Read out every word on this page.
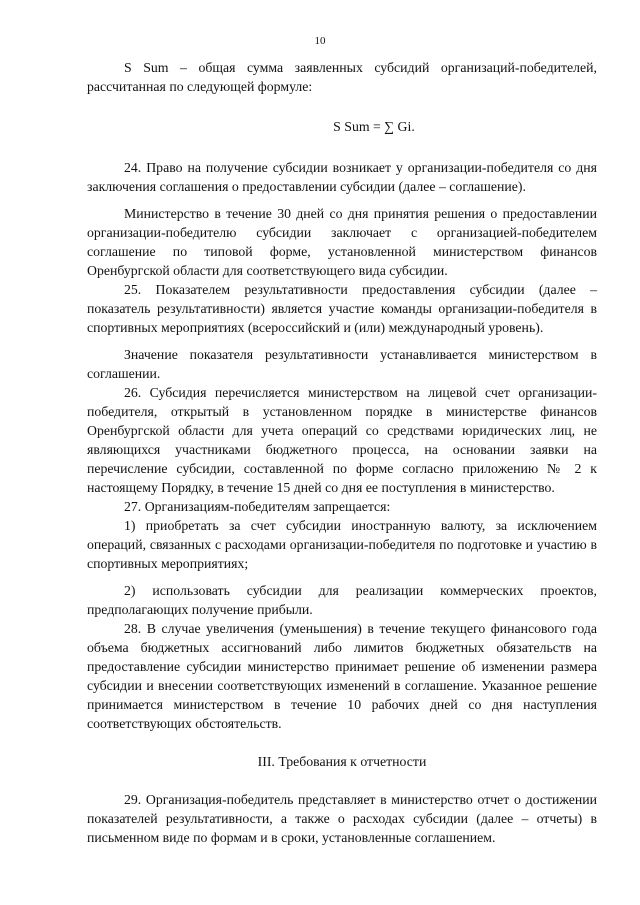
10

S Sum – общая сумма заявленных субсидий организаций-победителей, рассчитанная по следующей формуле:

S Sum = ∑ Gi.

24. Право на получение субсидии возникает у организации-победителя со дня заключения соглашения о предоставлении субсидии (далее – соглашение).

Министерство в течение 30 дней со дня принятия решения о предоставлении организации-победителю субсидии заключает с организацией-победителем соглашение по типовой форме, установленной министерством финансов Оренбургской области для соответствующего вида субсидии.

25. Показателем результативности предоставления субсидии (далее – показатель результативности) является участие команды организации-победителя в спортивных мероприятиях (всероссийский и (или) международный уровень).

Значение показателя результативности устанавливается министерством в соглашении.

26. Субсидия перечисляется министерством на лицевой счет организации-победителя, открытый в установленном порядке в министерстве финансов Оренбургской области для учета операций со средствами юридических лиц, не являющихся участниками бюджетного процесса, на основании заявки на перечисление субсидии, составленной по форме согласно приложению № 2 к настоящему Порядку, в течение 15 дней со дня ее поступления в министерство.

27. Организациям-победителям запрещается:

1) приобретать за счет субсидии иностранную валюту, за исключением операций, связанных с расходами организации-победителя по подготовке и участию в спортивных мероприятиях;

2) использовать субсидии для реализации коммерческих проектов, предполагающих получение прибыли.

28. В случае увеличения (уменьшения) в течение текущего финансового года объема бюджетных ассигнований либо лимитов бюджетных обязательств на предоставление субсидии министерство принимает решение об изменении размера субсидии и внесении соответствующих изменений в соглашение. Указанное решение принимается министерством в течение 10 рабочих дней со дня наступления соответствующих обстоятельств.

III. Требования к отчетности

29. Организация-победитель представляет в министерство отчет о достижении показателей результативности, а также о расходах субсидии (далее – отчеты) в письменном виде по формам и в сроки, установленные соглашением.
